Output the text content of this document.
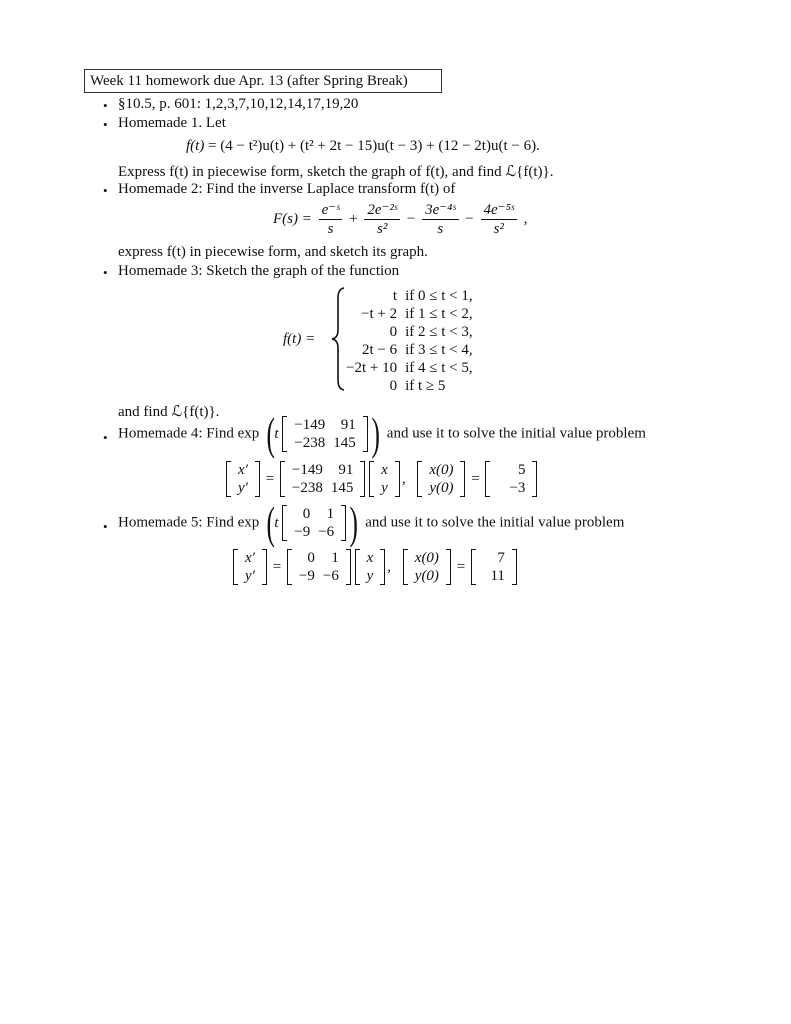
Week 11 homework due Apr. 13 (after Spring Break)
• §10.5, p. 601: 1,2,3,7,10,12,14,17,19,20
• Homemade 1. Let
f(t) = (4 − t²)u(t) + (t² + 2t − 15)u(t − 3) + (12 − 2t)u(t − 6).
Express f(t) in piecewise form, sketch the graph of f(t), and find ℒ{f(t)}.
• Homemade 2: Find the inverse Laplace transform f(t) of
$F(s) = \frac{\text{e⁻ˢ}}{s} + \frac{\text{2e⁻²ˢ}}{\text{s²}} - \frac{\text{3e⁻⁴ˢ}}{s} - \frac{\text{4e⁻⁵ˢ}}{\text{s²}}$ ,
express f(t) in piecewise form, and sketch its graph.
• Homemade 3: Sketch the graph of the function
f(t) =
t	if 0 ≤ t < 1,
−t + 2	if 1 ≤ t < 2,
0	if 2 ≤ t < 3,
2t − 6	if 3 ≤ t < 4,
−2t + 10	if 4 ≤ t < 5,
0	if t ≥ 5
and find ℒ{f(t)}.
• Homemade 4: Find exp (t
−149	91
−238	145 ) and use it to solve the initial value problem
x′
y′
=
−149	91
−238	145

x
y
,
x(0)
y(0)
=
5
−3
• Homemade 5: Find exp (t
0	1
−9	−6 ) and use it to solve the initial value problem
x′
y′
=
0	1
−9	−6

x
y
,
x(0)
y(0)
=
7
11
